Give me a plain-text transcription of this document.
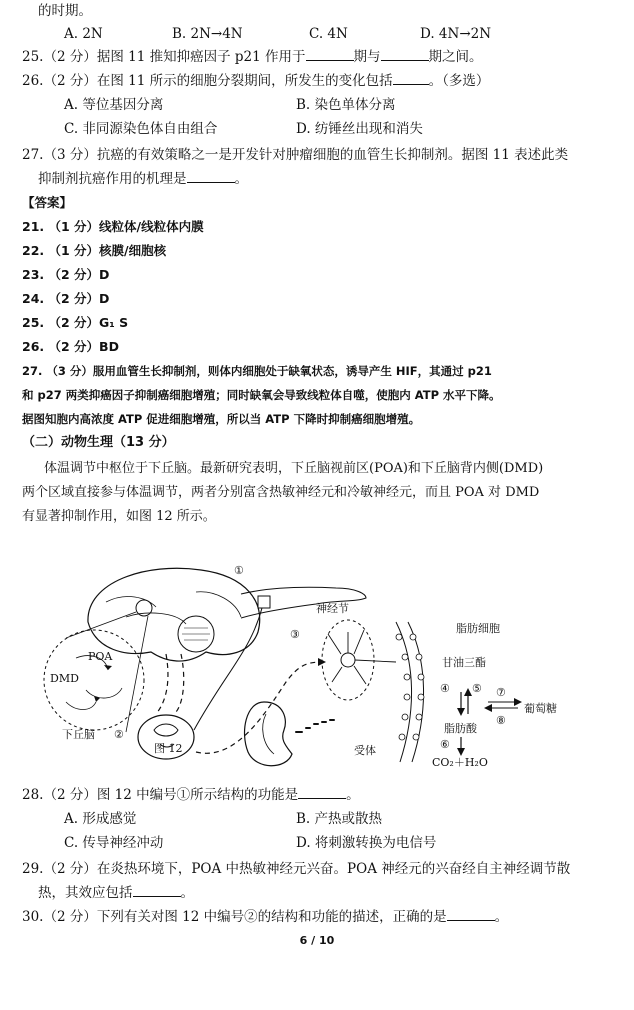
的时期。
A. 2N	B. 2N→4N	C. 4N	D. 4N→2N
25.（2 分）据图 11 推知抑癌因子 p21 作用于	期与	期之间。
26.（2 分）在图 11 所示的细胞分裂期间，所发生的变化包括	。（多选）
A. 等位基因分离	B. 染色单体分离
C. 非同源染色体自由组合	D. 纺锤丝出现和消失
27.（3 分）抗癌的有效策略之一是开发针对肿瘤细胞的血管生长抑制剂。据图 11 表述此类
抑制剂抗癌作用的机理是	。
【答案】
21. （1 分）线粒体/线粒体内膜
22. （1 分）核膜/细胞核
23. （2 分）D
24. （2 分）D
25. （2 分）G₁ S
26. （2 分）BD
27. （3 分）服用血管生长抑制剂，则体内细胞处于缺氧状态，诱导产生 HIF，其通过 p21
和 p27 两类抑癌因子抑制癌细胞增殖；同时缺氧会导致线粒体自噬，使胞内 ATP 水平下降。
据图知胞内高浓度 ATP 促进细胞增殖，所以当 ATP 下降时抑制癌细胞增殖。
（二）动物生理（13 分）
体温调节中枢位于下丘脑。最新研究表明，下丘脑视前区(POA)和下丘脑背内侧(DMD)
两个区域直接参与体温调节，两者分别富含热敏神经元和冷敏神经元，而且 POA 对 DMD
有显著抑制作用，如图 12 所示。
①
②
③
神经节
POA
DMD
下丘脑
图 12
脂肪细胞
甘油三酯
④ ⑤
脂肪酸
⑦
⑧
葡萄糖
⑥
CO₂＋H₂O
受体
28.（2 分）图 12 中编号①所示结构的功能是	。
A. 形成感觉	B. 产热或散热
C. 传导神经冲动	D. 将刺激转换为电信号
29.（2 分）在炎热环境下，POA 中热敏神经元兴奋。POA 神经元的兴奋经自主神经调节散
热，其效应包括	。
30.（2 分）下列有关对图 12 中编号②的结构和功能的描述，正确的是	。
6 / 10
